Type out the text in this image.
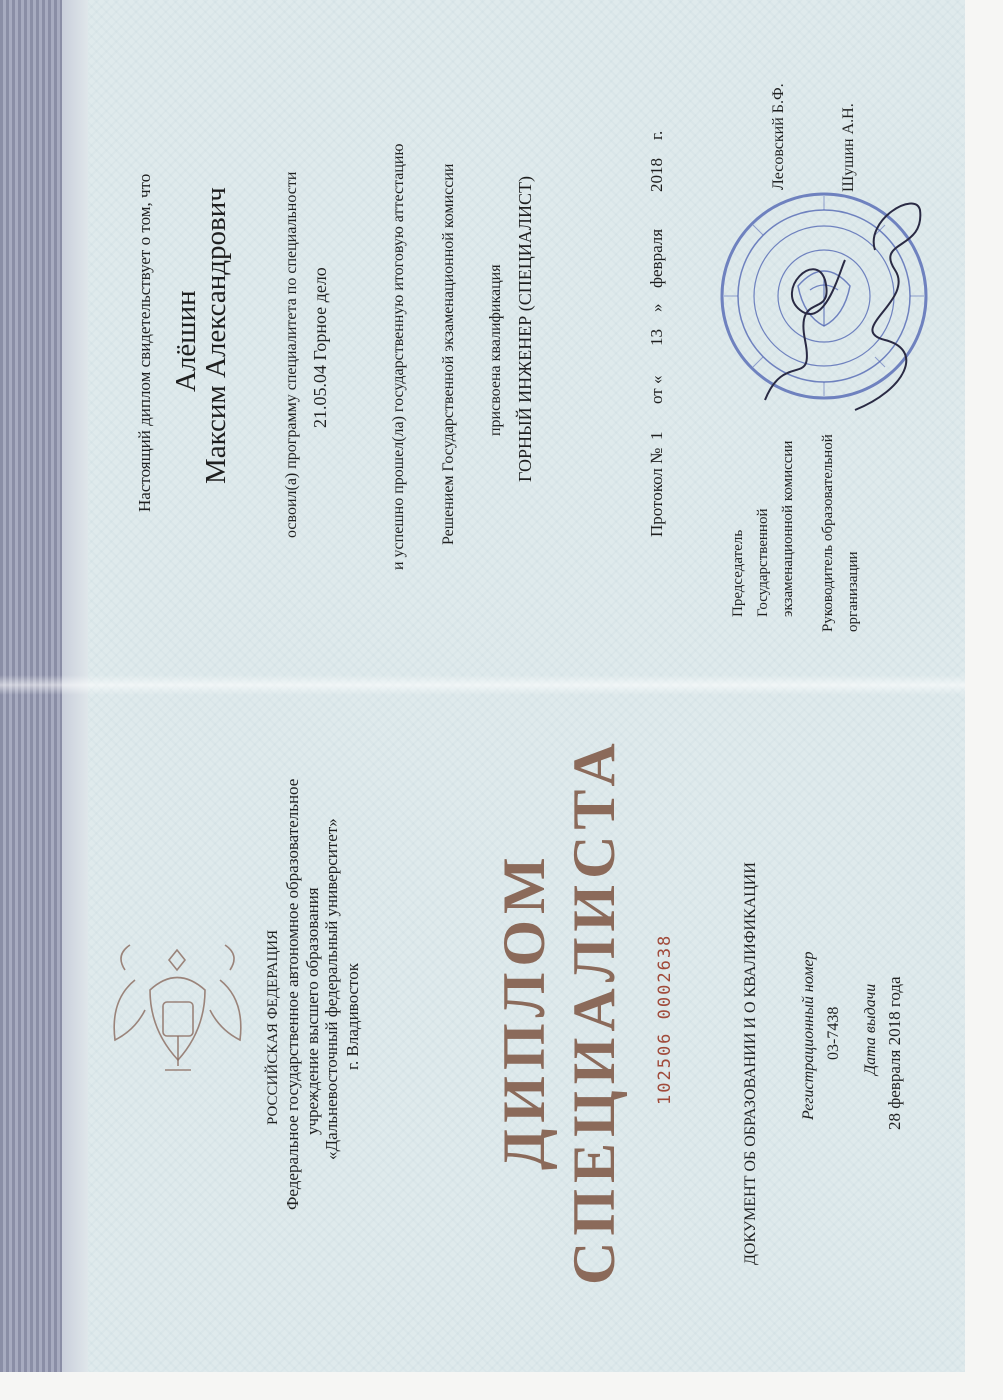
Настоящий диплом свидетельствует о том, что Алёшин
Максим Александрович	освоил(а) программу специалитета по специальности 21.05.04 Горное дело	и успешно прошел(ла) государственную итоговую аттестацию Решением Государственной экзаменационной комиссии присвоена квалификация ГОРНЫЙ ИНЖЕНЕР (СПЕЦИАЛИСТ)
Протокол №
1
от «
13
»
февраля
2018
г.
Председатель Государственной экзаменационной комиссии
Лесовский Б.Ф.
Руководитель образовательной организации
Шушин А.Н.
РОССИЙСКАЯ ФЕДЕРАЦИЯ Федеральное государственное автономное образовательное учреждение высшего образования «Дальневосточный федеральный университет» г. Владивосток ДИПЛОМ СПЕЦИАЛИСТА 102506 0002638	ДОКУМЕНТ ОБ ОБРАЗОВАНИИ И О КВАЛИФИКАЦИИ	Регистрационный номер 03-7438 Дата выдачи 28 февраля 2018 года
